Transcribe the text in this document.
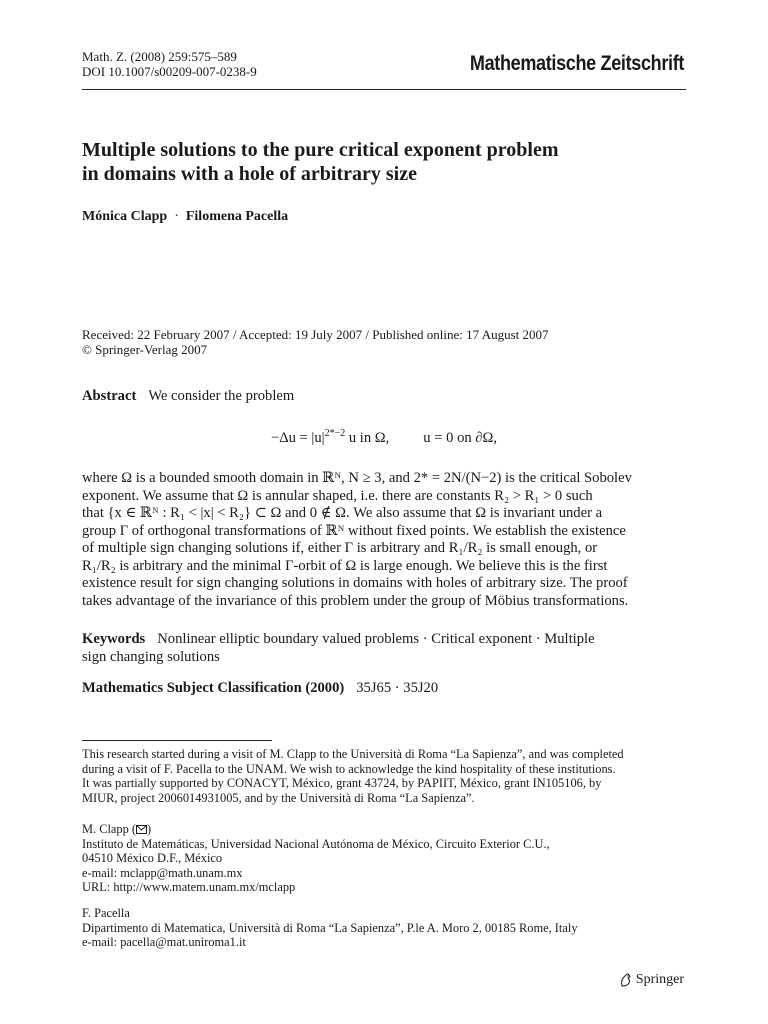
Math. Z. (2008) 259:575–589
DOI 10.1007/s00209-007-0238-9	Mathematische Zeitschrift
Multiple solutions to the pure critical exponent problem
in domains with a hole of arbitrary size
Mónica Clapp · Filomena Pacella
Received: 22 February 2007 / Accepted: 19 July 2007 / Published online: 17 August 2007
© Springer-Verlag 2007
Abstract We consider the problem
$-\Delta u = |u|^{2*-2}$ u in Ω, u = 0 on ∂Ω,
where Ω is a bounded smooth domain in ℝᴺ, N ≥ 3, and 2* = 2N/(N−2) is the critical Sobolev
exponent. We assume that Ω is annular shaped, i.e. there are constants R₂ > R₁ > 0 such
that {x ∈ ℝᴺ : R₁ < |x| < R₂} ⊂ Ω and 0 ∉ Ω. We also assume that Ω is invariant under a
group Γ of orthogonal transformations of ℝᴺ without fixed points. We establish the existence
of multiple sign changing solutions if, either Γ is arbitrary and R₁/R₂ is small enough, or
R₁/R₂ is arbitrary and the minimal Γ-orbit of Ω is large enough. We believe this is the first
existence result for sign changing solutions in domains with holes of arbitrary size. The proof
takes advantage of the invariance of this problem under the group of Möbius transformations.
Keywords Nonlinear elliptic boundary valued problems · Critical exponent · Multiple
sign changing solutions
Mathematics Subject Classification (2000) 35J65 · 35J20
This research started during a visit of M. Clapp to the Università di Roma “La Sapienza”, and was completed
during a visit of F. Pacella to the UNAM. We wish to acknowledge the kind hospitality of these institutions.
It was partially supported by CONACYT, México, grant 43724, by PAPIIT, México, grant IN105106, by
MIUR, project 2006014931005, and by the Università di Roma “La Sapienza”.
M. Clapp ( )
Instituto de Matemáticas, Universidad Nacional Autónoma de México, Circuito Exterior C.U.,
04510 México D.F., México
e-mail: mclapp@math.unam.mx
URL: http://www.matem.unam.mx/mclapp
F. Pacella
Dipartimento di Matematica, Università di Roma “La Sapienza”, P.le A. Moro 2, 00185 Rome, Italy
e-mail: pacella@mat.uniroma1.it
Springer
